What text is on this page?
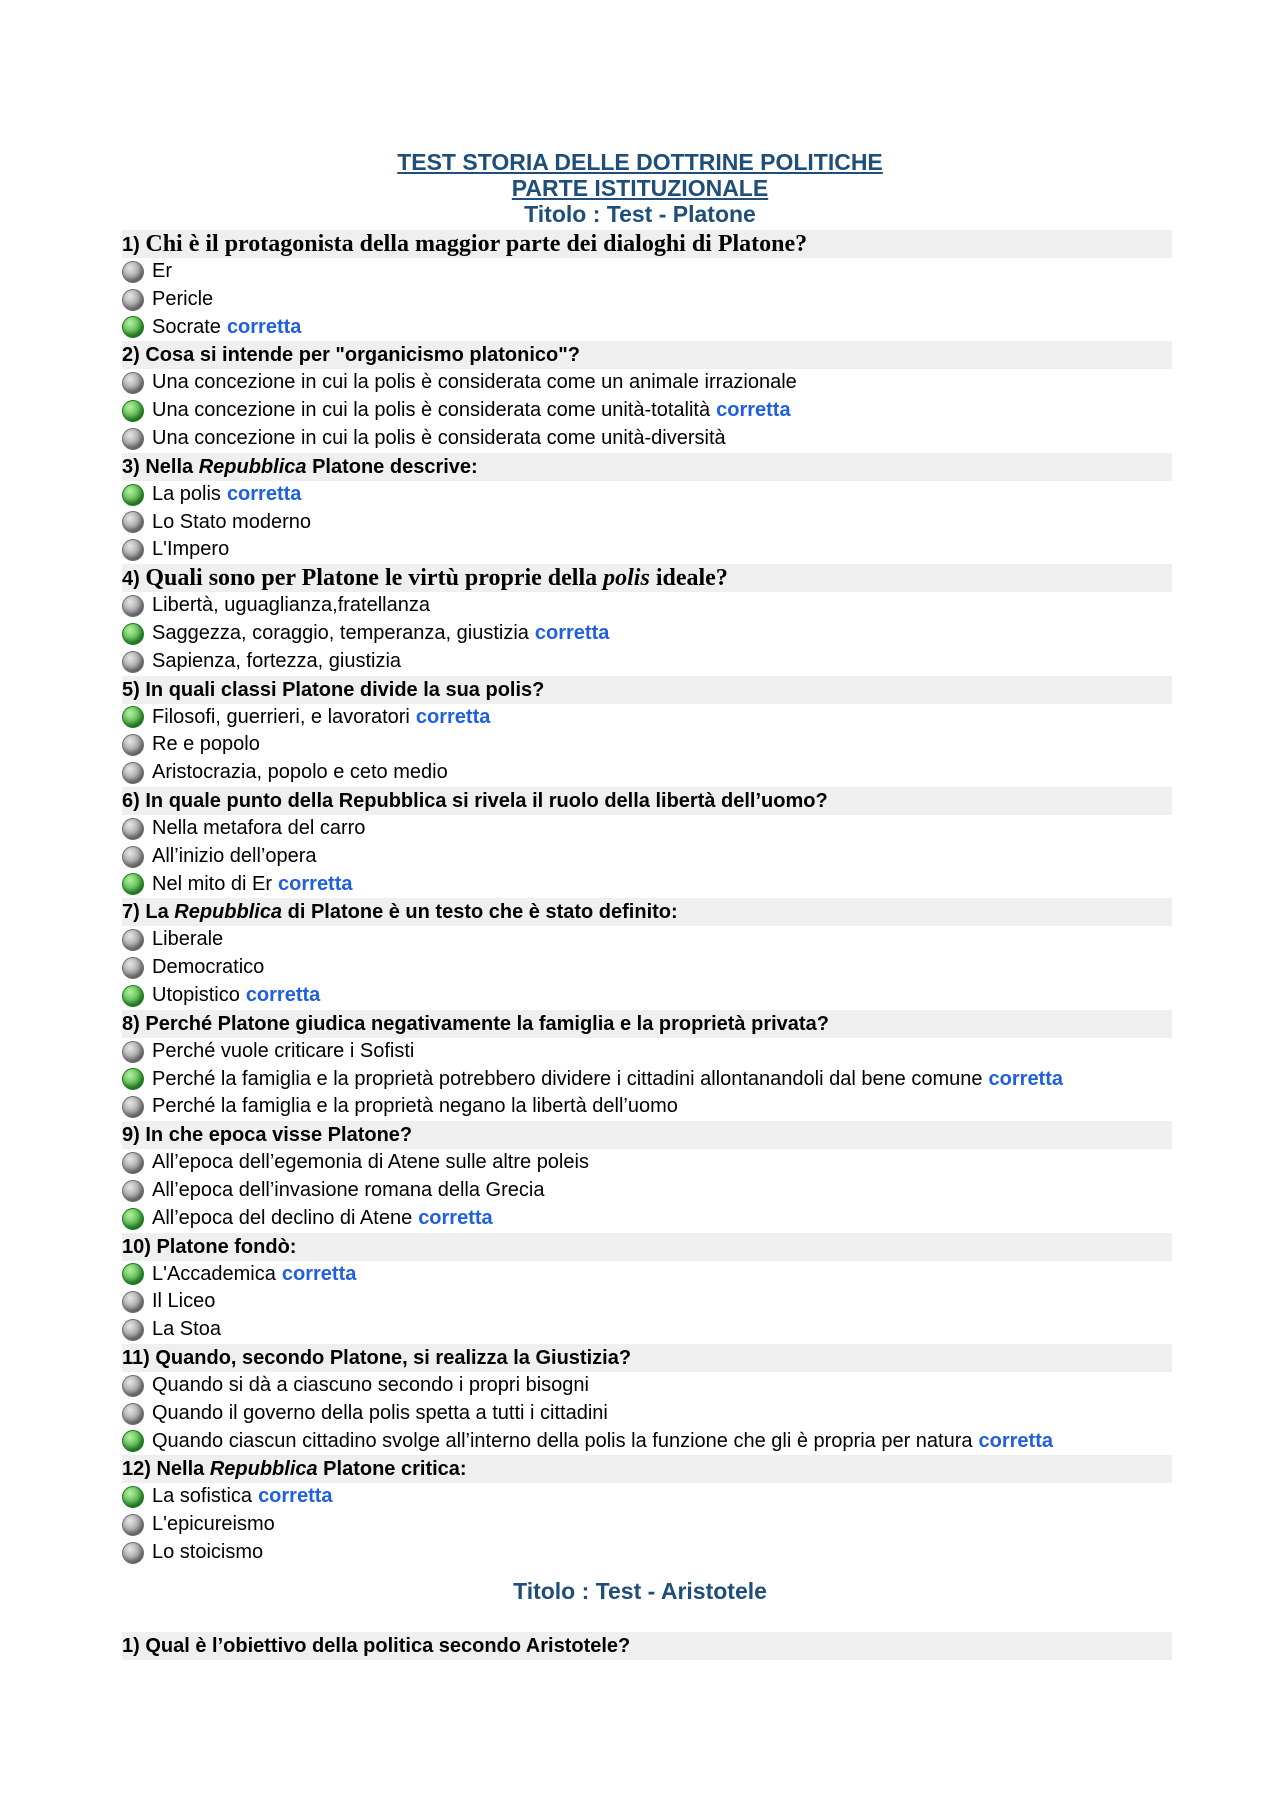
TEST STORIA DELLE DOTTRINE POLITICHE
PARTE ISTITUZIONALE
Titolo : Test - Platone
1) Chi è il protagonista della maggior parte dei dialoghi di Platone?
Er
Pericle
Socrate corretta
2) Cosa si intende per "organicismo platonico"?
Una concezione in cui la polis è considerata come un animale irrazionale
Una concezione in cui la polis è considerata come unità-totalità corretta
Una concezione in cui la polis è considerata come unità-diversità
3) Nella Repubblica Platone descrive:
La polis corretta
Lo Stato moderno
L'Impero
4) Quali sono per Platone le virtù proprie della polis ideale?
Libertà, uguaglianza,fratellanza
Saggezza, coraggio, temperanza, giustizia corretta
Sapienza, fortezza, giustizia
5) In quali classi Platone divide la sua polis?
Filosofi, guerrieri, e lavoratori corretta
Re e popolo
Aristocrazia, popolo e ceto medio
6) In quale punto della Repubblica si rivela il ruolo della libertà dell’uomo?
Nella metafora del carro
All’inizio dell’opera
Nel mito di Er corretta
7) La Repubblica di Platone è un testo che è stato definito:
Liberale
Democratico
Utopistico corretta
8) Perché Platone giudica negativamente la famiglia e la proprietà privata?
Perché vuole criticare i Sofisti
Perché la famiglia e la proprietà potrebbero dividere i cittadini allontanandoli dal bene comune corretta
Perché la famiglia e la proprietà negano la libertà dell’uomo
9) In che epoca visse Platone?
All’epoca dell’egemonia di Atene sulle altre poleis
All’epoca dell’invasione romana della Grecia
All’epoca del declino di Atene corretta
10) Platone fondò:
L'Accademica corretta
Il Liceo
La Stoa
11) Quando, secondo Platone, si realizza la Giustizia?
Quando si dà a ciascuno secondo i propri bisogni
Quando il governo della polis spetta a tutti i cittadini
Quando ciascun cittadino svolge all’interno della polis la funzione che gli è propria per natura corretta
12) Nella Repubblica Platone critica:
La sofistica corretta
L'epicureismo
Lo stoicismo
Titolo : Test - Aristotele
1) Qual è l’obiettivo della politica secondo Aristotele?
